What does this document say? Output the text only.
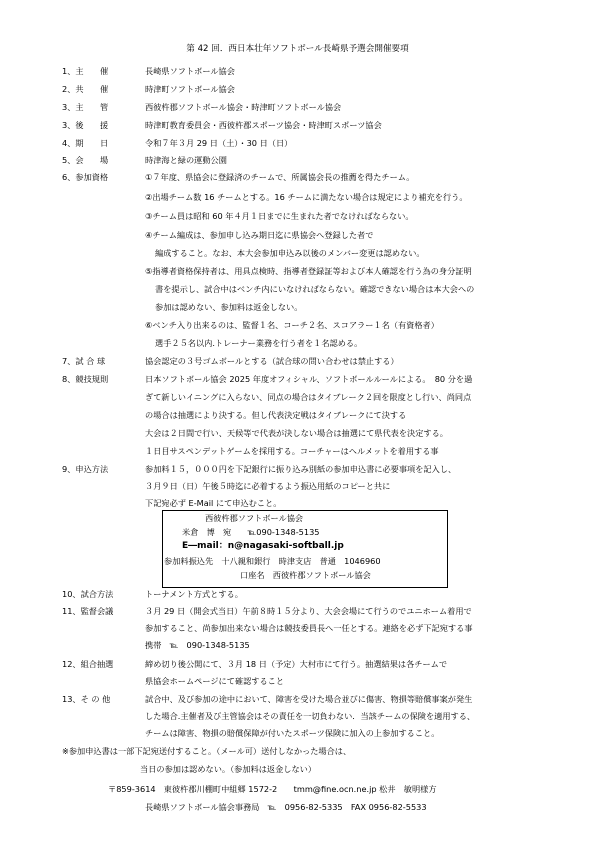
第 42 回．西日本壮年ソフトボール長崎県予選会開催要項
1、主　　催	長崎県ソフトボール協会
2、共　　催	時津町ソフトボール協会
3、主　　管	西彼杵郡ソフトボール協会・時津町ソフトボール協会
3、後　　援	時津町教育委員会・西彼杵郡スポーツ協会・時津町スポーツ協会
4、期　　日	令和７年３月 29 日（土）・30 日（日）
5、会　　場	時津海と緑の運動公園
6、参加資格	①７年度、県協会に登録済のチームで、所属協会長の推薦を得たチーム。
②出場チーム数 16 チームとする。16 チームに満たない場合は規定により補充を行う。
③チーム員は昭和 60 年４月１日までに生まれた者でなければならない。
④チーム編成は、参加申し込み期日迄に県協会へ登録した者で
編成すること。なお、本大会参加申込み以後のメンバー変更は認めない。
⑤指導者資格保持者は、用具点検時、指導者登録証等および本人確認を行う為の身分証明
書を提示し、試合中はベンチ内にいなければならない。確認できない場合は本大会への
参加は認めない、参加料は返金しない。
⑥ベンチ入り出来るのは、監督１名、コーチ２名、スコアラー１名（有資格者）
選手２５名以内.トレーナー業務を行う者を１名認める。
7、試 合 球	協会認定の３号ゴムボールとする（試合球の問い合わせは禁止する）
8、競技規則	日本ソフトボール協会 2025 年度オフィシャル、ソフトボールルールによる。　80 分を過
ぎて新しいイニングに入らない、同点の場合はタイブレーク２回を限度とし行い、尚同点
の場合は抽選により決する。但し代表決定戦はタイブレークにて決する
大会は２日間で行い、天候等で代表が決しない場合は抽選にて県代表を決定する。
１日目サスペンデットゲームを採用する。コーチャーはヘルメットを着用する事
9、申込方法	参加料１５，０００円を下記銀行に振り込み別紙の参加申込書に必要事項を記入し、
３月９日（日）午後５時迄に必着するよう振込用紙のコピーと共に
下記宛必ず E-Mail にて申込むこと。
西彼杵郡ソフトボール協会
米倉　博　宛　　℡090-1348-5135
E―mail：n@nagasaki-softball.jp
参加料振込先　十八親和銀行　時津支店　普通　1046960
口座名　西彼杵郡ソフトボール協会
10、試合方法	トーナメント方式とする。
11、監督会議	３月 29 日（開会式当日）午前８時１５分より、大会会場にて行うのでユニホーム着用で
参加すること、尚参加出来ない場合は競技委員長へ一任とする。連絡を必ず下記宛する事
携帯　℡　090-1348-5135
12、組合抽選	締め切り後公開にて、３月 18 日（予定）大村市にて行う。抽選結果は各チームで
県協会ホームページにて確認すること
13、そ の 他	試合中、及び参加の途中において、障害を受けた場合並びに傷害、物損等賠償事案が発生
した場合.主催者及び主管協会はその責任を一切負わない．当該チームの保険を適用する、
チームは障害、物損の賠償保障が付いたスポーツ保険に加入の上参加すること。
※参加申込書は一部下記宛送付すること。（メール可）送付しなかった場合は、
当日の参加は認めない。（参加料は返金しない）
〒859-3614　東彼杵郡川棚町中組郷 1572-2　　tmm@fine.ocn.ne.jp 松井　敏明様方
長崎県ソフトボール協会事務局　℡　0956-82-5335　FAX 0956-82-5533
